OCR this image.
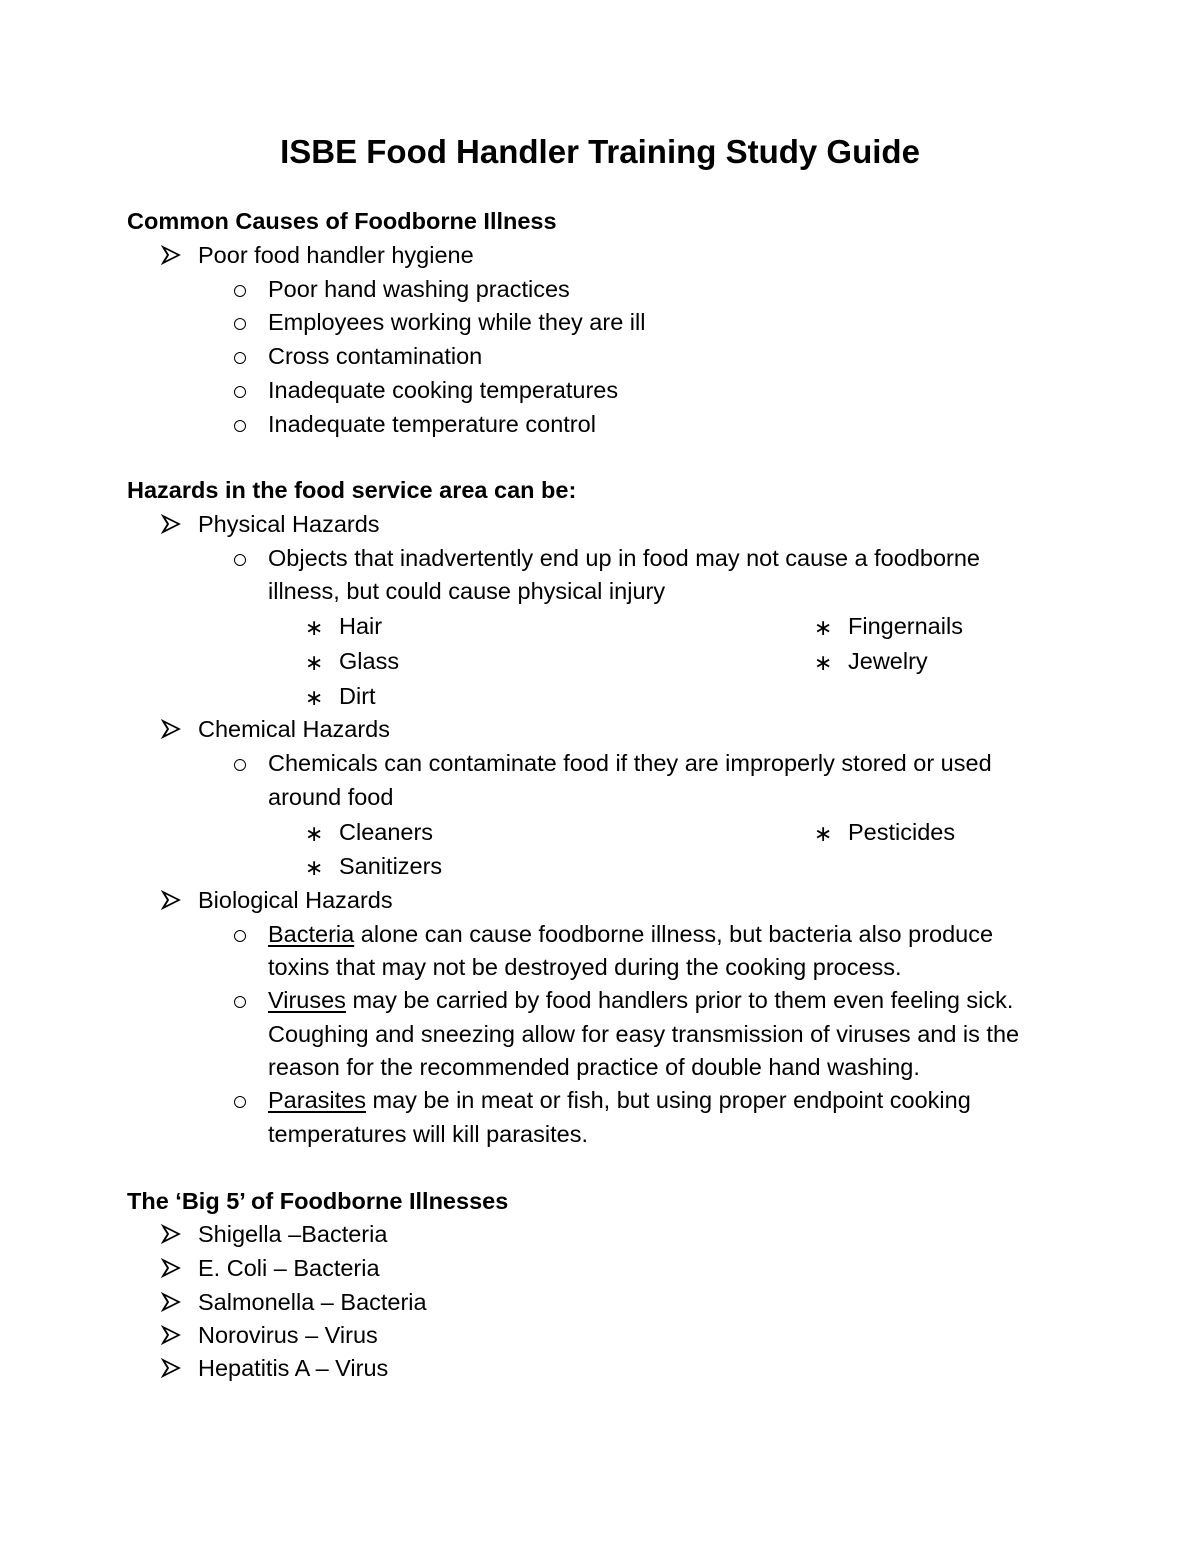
ISBE Food Handler Training Study Guide
Common Causes of Foodborne Illness
Poor food handler hygiene
Poor hand washing practices
Employees working while they are ill
Cross contamination
Inadequate cooking temperatures
Inadequate temperature control
Hazards in the food service area can be:
Physical Hazards
Objects that inadvertently end up in food may not cause a foodborne
illness, but could cause physical injury
∗ Hair
∗ Glass
∗ Dirt
∗ Fingernails
∗ Jewelry
Chemical Hazards
Chemicals can contaminate food if they are improperly stored or used
around food
∗ Cleaners
∗ Sanitizers
∗ Pesticides
Biological Hazards
Bacteria alone can cause foodborne illness, but bacteria also produce
toxins that may not be destroyed during the cooking process.
Viruses may be carried by food handlers prior to them even feeling sick.
Coughing and sneezing allow for easy transmission of viruses and is the
reason for the recommended practice of double hand washing.
Parasites may be in meat or fish, but using proper endpoint cooking
temperatures will kill parasites.
The ‘Big 5’ of Foodborne Illnesses
Shigella –Bacteria
E. Coli – Bacteria
Salmonella – Bacteria
Norovirus – Virus
Hepatitis A – Virus
